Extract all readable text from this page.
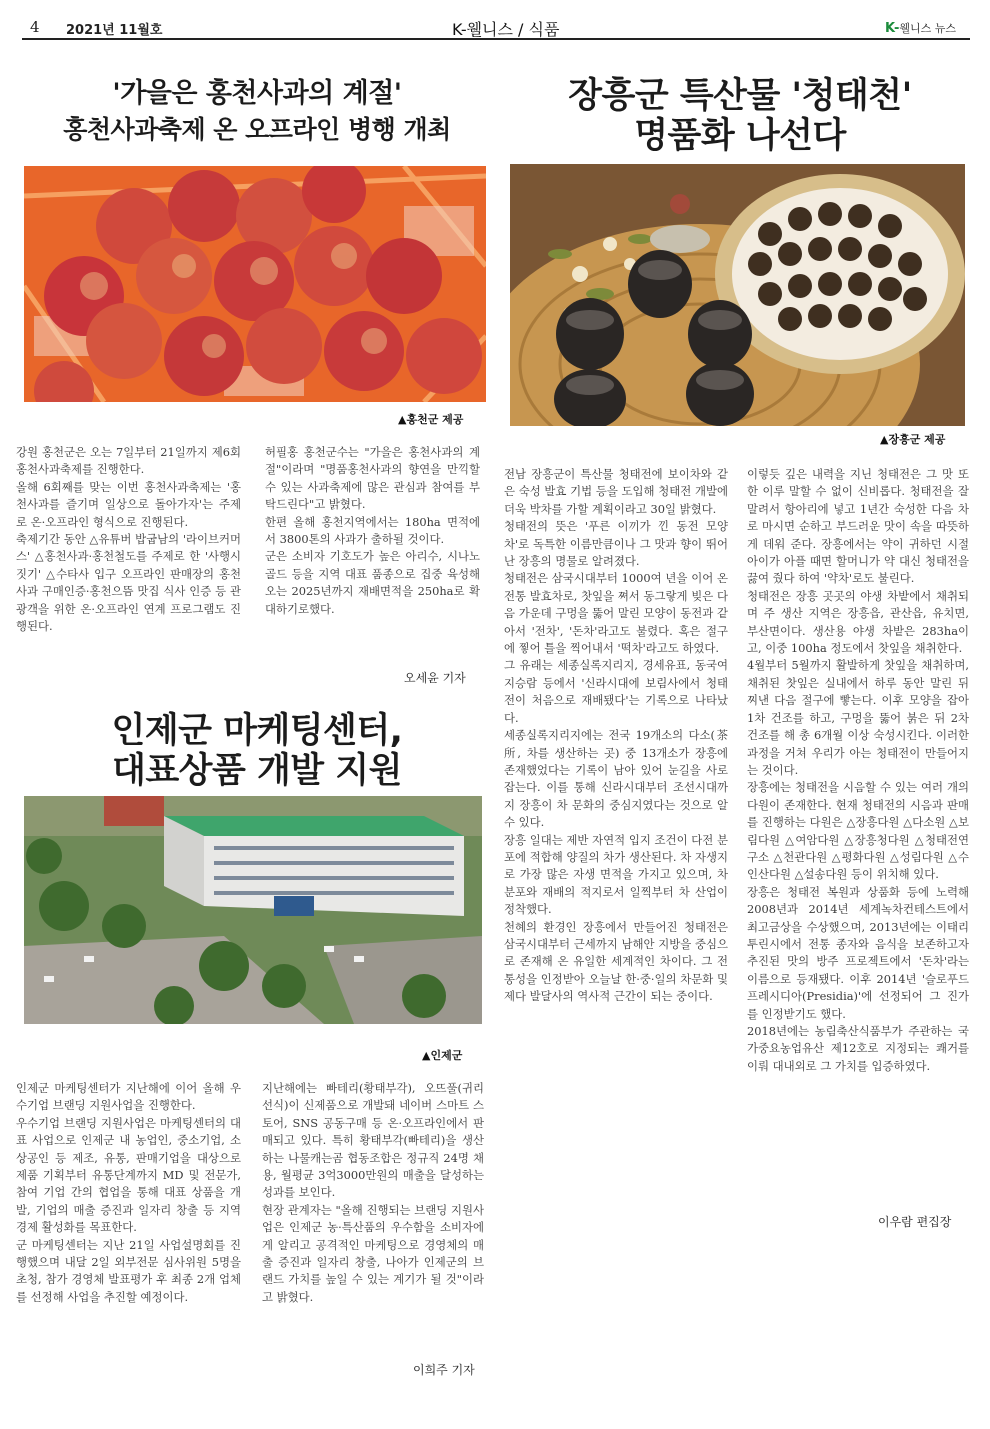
4 2021년 11월호	K-웰니스 / 식품	K-웰니스 뉴스
'가을은 홍천사과의 계절'
홍천사과축제 온 오프라인 병행 개최
▲홍천군 제공
강원 홍천군은 오는 7일부터 21일까지 제6회 홍천사과축제를 진행한다.
올해 6회째를 맞는 이번 홍천사과축제는 '홍천사과를 즐기며 일상으로 돌아가자'는 주제로 온·오프라인 형식으로 진행된다.
축제기간 동안 △유튜버 밥굽남의 '라이브커머스' △홍천사과·홍천철도를 주제로 한 '사행시 짓기' △수타사 입구 오프라인 판매장의 홍천사과 구매인증·홍천으뜸 맛집 식사 인증 등 관광객을 위한 온·오프라인 연계 프로그램도 진행된다.
허필홍 홍천군수는 "가을은 홍천사과의 계절"이라며 "명품홍천사과의 향연을 만끽할 수 있는 사과축제에 많은 관심과 참여를 부탁드린다"고 밝혔다.
한편 올해 홍천지역에서는 180ha 면적에서 3800톤의 사과가 출하될 것이다.
군은 소비자 기호도가 높은 아리수, 시나노골드 등을 지역 대표 품종으로 집중 육성해 오는 2025년까지 재배면적을 250ha로 확대하기로했다.
오세윤 기자
인제군 마케팅센터,
대표상품 개발 지원
▲인제군
인제군 마케팅센터가 지난해에 이어 올해 우수기업 브랜딩 지원사업을 진행한다.
우수기업 브랜딩 지원사업은 마케팅센터의 대표 사업으로 인제군 내 농업인, 중소기업, 소상공인 등 제조, 유통, 판매기업을 대상으로 제품 기획부터 유통단계까지 MD 및 전문가, 참여 기업 간의 협업을 통해 대표 상품을 개발, 기업의 매출 증진과 일자리 창출 등 지역경제 활성화를 목표한다.
군 마케팅센터는 지난 21일 사업설명회를 진행했으며 내달 2일 외부전문 심사위원 5명을 초청, 참가 경영체 발표평가 후 최종 2개 업체를 선정해 사업을 추진할 예정이다.
지난해에는 빠테리(황태부각), 오뜨풀(귀리선식)이 신제품으로 개발돼 네이버 스마트 스토어, SNS 공동구매 등 온·오프라인에서 판매되고 있다. 특히 황태부각(빠테리)을 생산하는 나물캐는곰 협동조합은 정규직 24명 채용, 월평균 3억3000만원의 매출을 달성하는 성과를 보인다.
현장 관계자는 "올해 진행되는 브랜딩 지원사업은 인제군 농·특산품의 우수함을 소비자에게 알리고 공격적인 마케팅으로 경영체의 매출 증진과 일자리 창출, 나아가 인제군의 브랜드 가치를 높일 수 있는 계기가 될 것"이라고 밝혔다.
이희주 기자
장흥군 특산물 '청태천'
명품화 나선다
▲장흥군 제공
전남 장흥군이 특산물 청태전에 보이차와 같은 숙성 발효 기법 등을 도입해 청태전 개발에 더욱 박차를 가할 계획이라고 30일 밝혔다.
청태전의 뜻은 '푸른 이끼가 낀 동전 모양 차'로 독특한 이름만큼이나 그 맛과 향이 뛰어난 장흥의 명물로 알려졌다.
청태전은 삼국시대부터 1000여 년을 이어 온 전통 발효차로, 찻잎을 쪄서 동그랗게 빚은 다음 가운데 구멍을 뚫어 말린 모양이 동전과 같아서 '전차', '돈차'라고도 불렸다. 혹은 절구에 찧어 틀을 찍어내서 '떡차'라고도 하였다.
그 유래는 세종실록지리지, 경세유표, 동국여지승람 등에서 '신라시대에 보림사에서 청태전이 처음으로 재배됐다'는 기록으로 나타났다.
세종실록지리지에는 전국 19개소의 다소(茶所, 차를 생산하는 곳) 중 13개소가 장흥에 존재했었다는 기록이 남아 있어 눈길을 사로잡는다. 이를 통해 신라시대부터 조선시대까지 장흥이 차 문화의 중심지였다는 것으로 알 수 있다.
장흥 일대는 제반 자연적 입지 조건이 다전 분포에 적합해 양질의 차가 생산된다. 차 자생지로 가장 많은 자생 면적을 가지고 있으며, 차 분포와 재배의 적지로서 일찍부터 차 산업이 정착했다.
천혜의 환경인 장흥에서 만들어진 청태전은 삼국시대부터 근세까지 남해안 지방을 중심으로 존재해 온 유일한 세계적인 차이다. 그 전통성을 인정받아 오늘날 한·중·일의 차문화 및 제다 발달사의 역사적 근간이 되는 중이다.
이렇듯 깊은 내력을 지닌 청태전은 그 맛 또한 이루 말할 수 없이 신비롭다. 청태전을 잘 말려서 항아리에 넣고 1년간 숙성한 다음 차로 마시면 순하고 부드러운 맛이 속을 따뜻하게 데워 준다. 장흥에서는 약이 귀하던 시절 아이가 아플 때면 할머니가 약 대신 청태전을 끓여 줬다 하여 '약차'로도 불린다.
청태전은 장흥 곳곳의 야생 차밭에서 채취되며 주 생산 지역은 장흥읍, 관산읍, 유치면, 부산면이다. 생산용 야생 차밭은 283ha이고, 이중 100ha 정도에서 찻잎을 채취한다.
4월부터 5월까지 활발하게 찻잎을 채취하며, 채취된 찻잎은 실내에서 하루 동안 말린 뒤 찌낸 다음 절구에 빻는다. 이후 모양을 잡아 1차 건조를 하고, 구멍을 뚫어 붉은 뒤 2차 건조를 해 총 6개월 이상 숙성시킨다. 이러한 과정을 거쳐 우리가 아는 청태전이 만들어지는 것이다.
장흥에는 청태전을 시음할 수 있는 여러 개의 다원이 존재한다. 현재 청태전의 시음과 판매를 진행하는 다원은 △장흥다원 △다소원 △보림다원 △여암다원 △장흥청다원 △청태전연구소 △천관다원 △평화다원 △성림다원 △수인산다원 △설송다원 등이 위치해 있다.
장흥은 청태전 복원과 상품화 등에 노력해 2008년과 2014년 세계녹차컨테스트에서 최고금상을 수상했으며, 2013년에는 이태리 투린시에서 전통 종자와 음식을 보존하고자 추진된 맛의 방주 프로젝트에서 '돈차'라는 이름으로 등재됐다. 이후 2014년 '슬로푸드 프레시디아(Presidia)'에 선정되어 그 진가를 인정받기도 했다.
2018년에는 농림축산식품부가 주관하는 국가중요농업유산 제12호로 지정되는 쾌거를 이뤄 대내외로 그 가치를 입증하였다.
이우람 편집장
